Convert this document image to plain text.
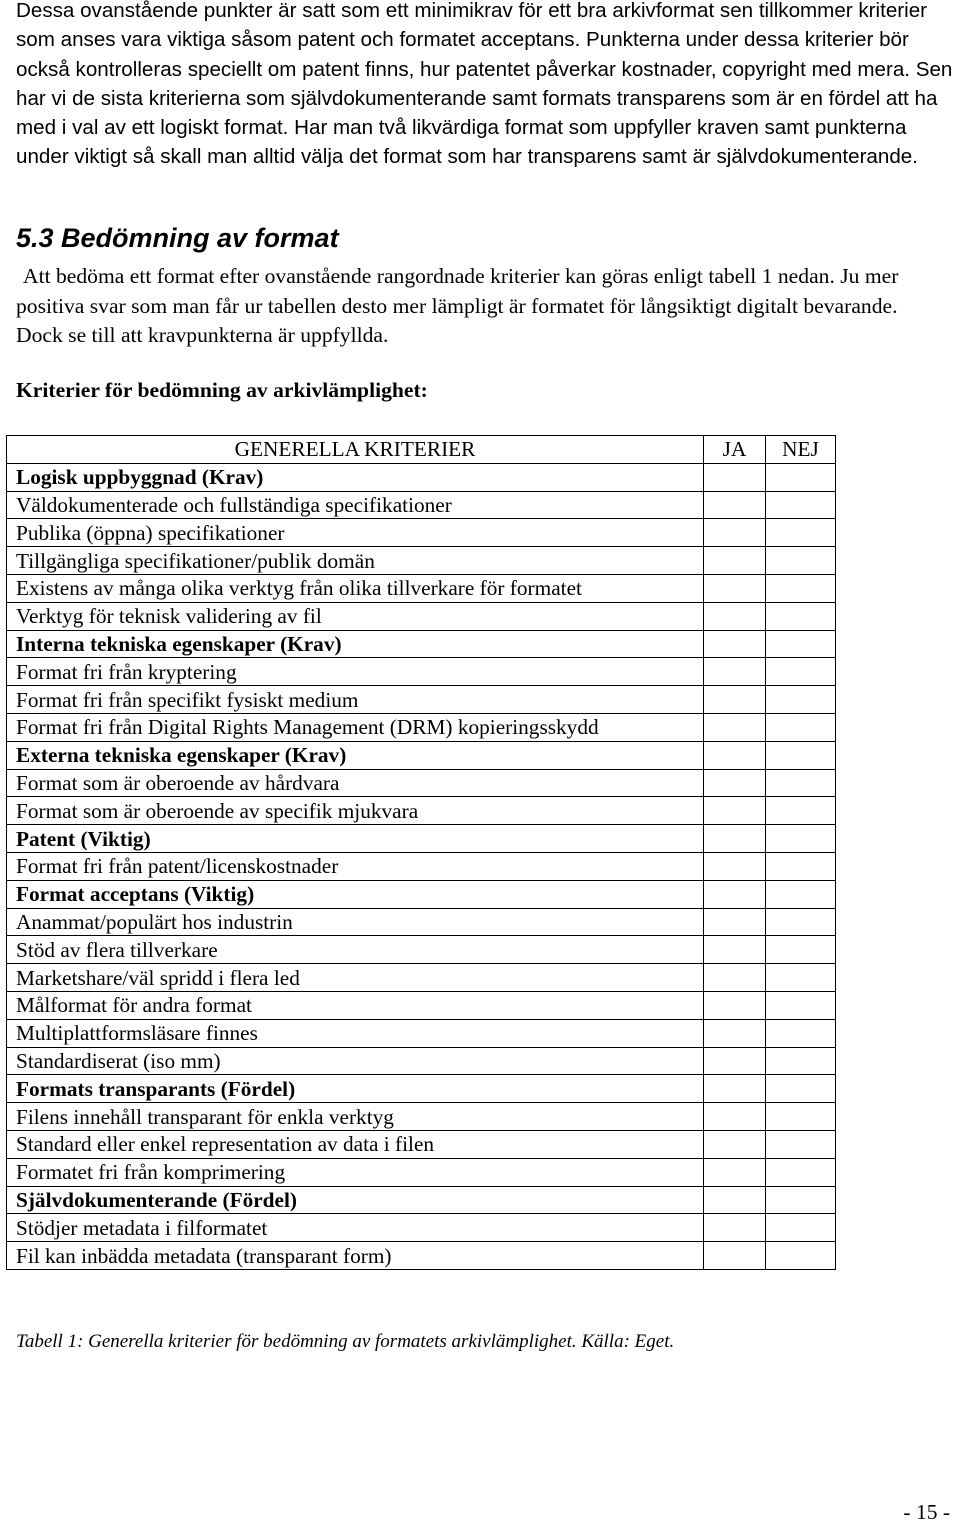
Dessa ovanstående punkter är satt som ett minimikrav för ett bra arkivformat sen tillkommer kriterier som anses vara viktiga såsom patent och formatet acceptans. Punkterna under dessa kriterier bör också kontrolleras speciellt om patent finns, hur patentet påverkar kostnader, copyright med mera. Sen har vi de sista kriterierna som självdokumenterande samt formats transparens som är en fördel att ha med i val av ett logiskt format. Har man två likvärdiga format som uppfyller kraven samt punkterna under viktigt så skall man alltid välja det format som har transparens samt är självdokumenterande.

5.3 Bedömning av format

Att bedöma ett format efter ovanstående rangordnade kriterier kan göras enligt tabell 1 nedan. Ju mer positiva svar som man får ur tabellen desto mer lämpligt är formatet för långsiktigt digitalt bevarande. Dock se till att kravpunkterna är uppfyllda.

Kriterier för bedömning av arkivlämplighet:

GENERELLA KRITERIER	JA	NEJ
Logisk uppbyggnad (Krav)		
Väldokumenterade och fullständiga specifikationer		
Publika (öppna) specifikationer		
Tillgängliga specifikationer/publik domän		
Existens av många olika verktyg från olika tillverkare för formatet		
Verktyg för teknisk validering av fil		
Interna tekniska egenskaper (Krav)		
Format fri från kryptering		
Format fri från specifikt fysiskt medium		
Format fri från Digital Rights Management (DRM) kopieringsskydd		
Externa tekniska egenskaper (Krav)		
Format som är oberoende av hårdvara		
Format som är oberoende av specifik mjukvara		
Patent (Viktig)		
Format fri från patent/licenskostnader		
Format acceptans (Viktig)		
Anammat/populärt hos industrin		
Stöd av flera tillverkare		
Marketshare/väl spridd i flera led		
Målformat för andra format		
Multiplattformsläsare finnes		
Standardiserat (iso mm)		
Formats transparants (Fördel)		
Filens innehåll transparant för enkla verktyg		
Standard eller enkel representation av data i filen		
Formatet fri från komprimering		
Självdokumenterande (Fördel)		
Stödjer metadata i filformatet		
Fil kan inbädda metadata (transparant form)		

Tabell 1: Generella kriterier för bedömning av formatets arkivlämplighet. Källa: Eget.

- 15 -
